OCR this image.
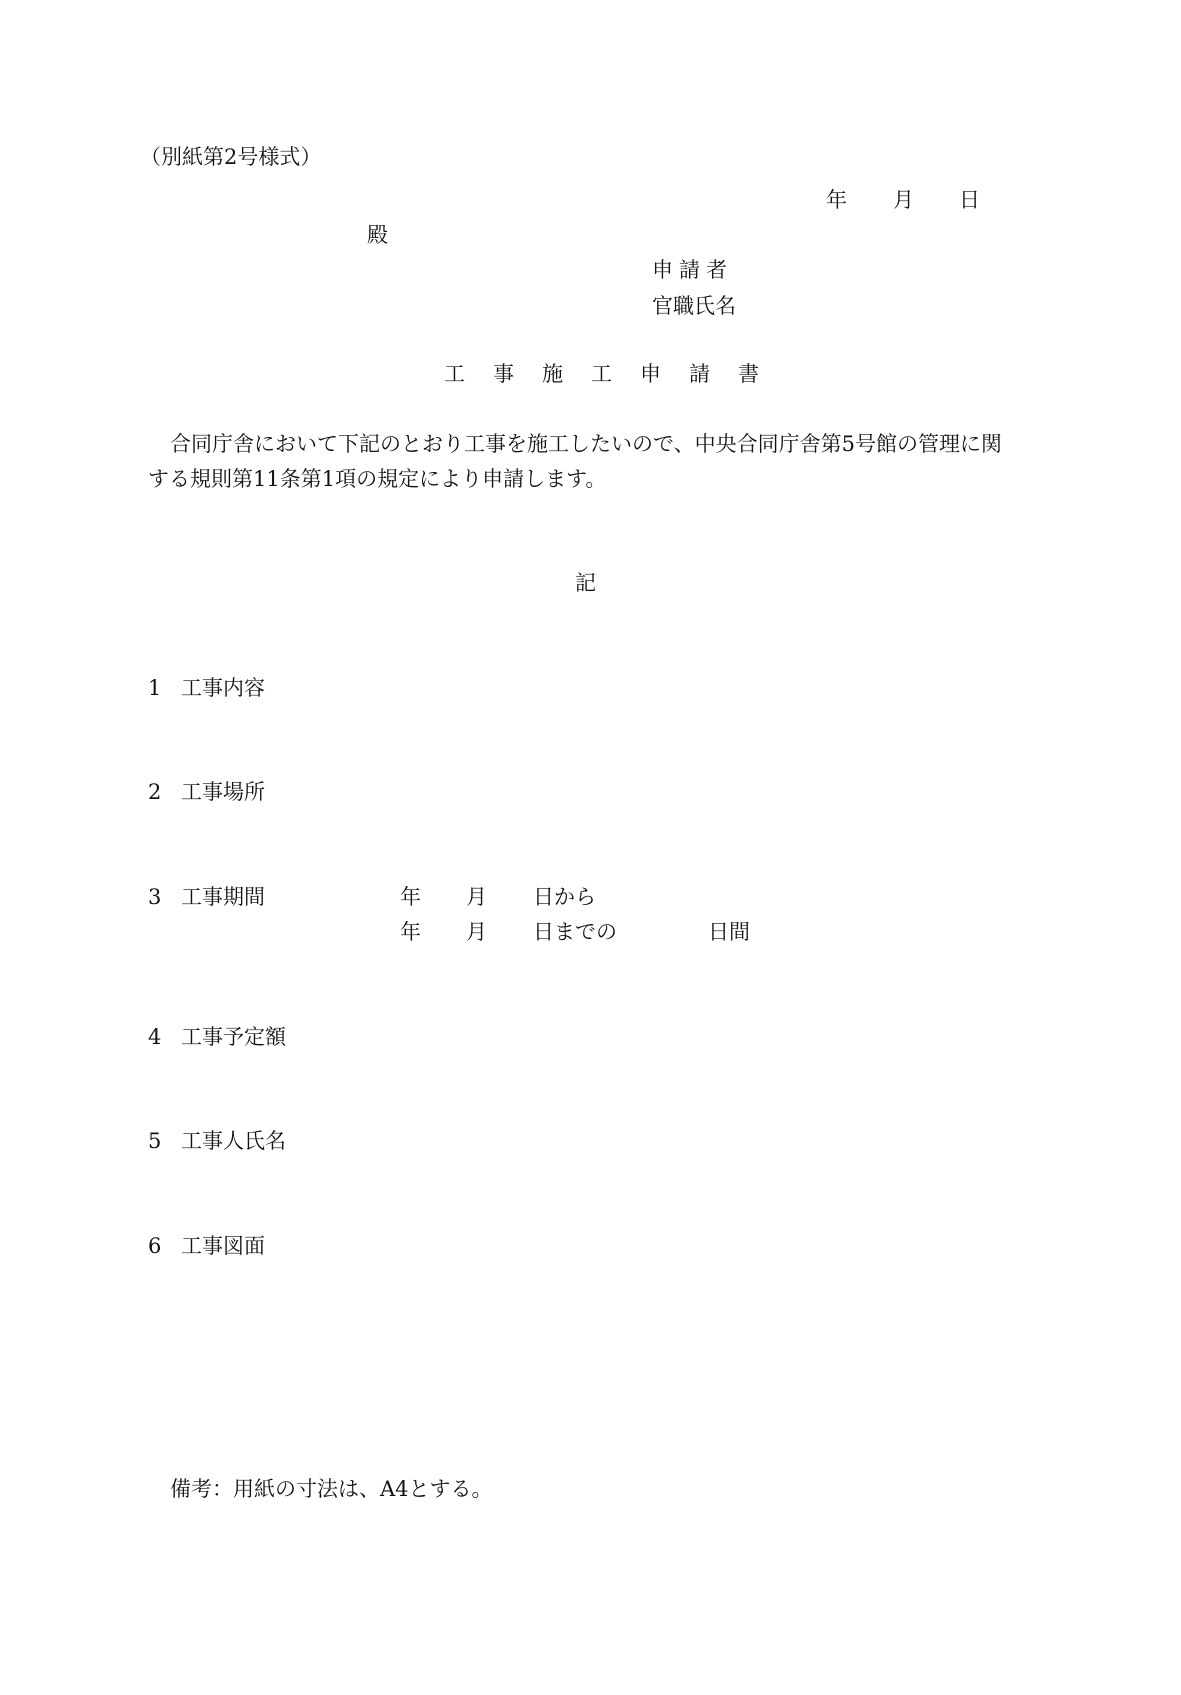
（別紙第2号様式）
年 月 日
殿
申請者
官職氏名
工事施工申請書
合同庁舎において下記のとおり工事を施工したいので、中央合同庁舎第5号館の管理に関
する規則第11条第1項の規定により申請します。
記
1 工事内容
2 工事場所
3 工事期間	年 月 日から
年 月 日までの	日間
4 工事予定額
5 工事人氏名
6 工事図面
備考：用紙の寸法は、A4とする。
